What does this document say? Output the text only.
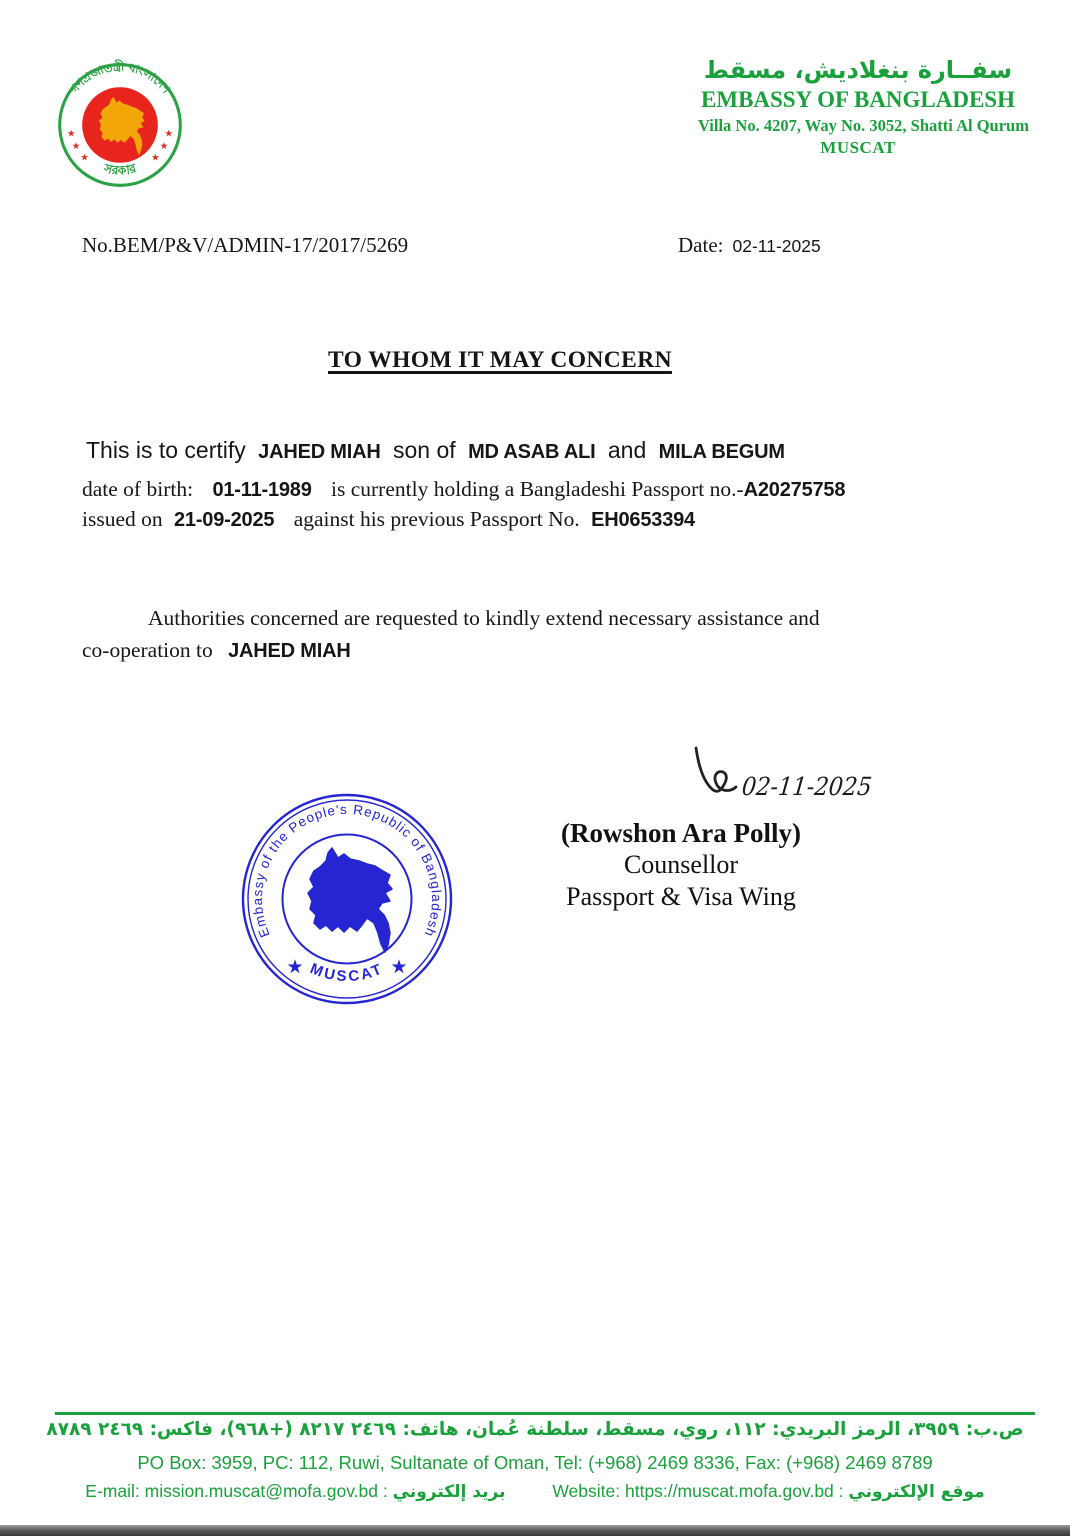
গণপ্রজাতন্ত্রী বাংলাদেশ
সরকার
★
★
★
★
★
★
سفــارة بنغلاديش، مسقط
EMBASSY OF BANGLADESH
Villa No. 4207, Way No. 3052, Shatti Al Qurum
MUSCAT
No.BEM/P&V/ADMIN-17/2017/5269	Date: 02-11-2025
TO WHOM IT MAY CONCERN
This is to certify JAHED MIAH son of MD ASAB ALI and MILA BEGUM
date of birth: 01-11-1989 is currently holding a Bangladeshi Passport no.-A20275758
issued on 21-09-2025 against his previous Passport No. EH0653394
Authorities concerned are requested to kindly extend necessary assistance and
co-operation to JAHED MIAH
02-11-2025
(Rowshon Ara Polly)
Counsellor
Passport & Visa Wing
Embassy of the People's Republic of Bangladesh
MUSCAT
★	★
ص.ب: ٣٩٥٩، الرمز البريدي: ١١٢، روي، مسقط، سلطنة عُمان، هاتف: ٢٤٦٩ ٨٢١٧ (+٩٦٨)، فاكس: ٢٤٦٩ ٨٧٨٩
PO Box: 3959, PC: 112, Ruwi, Sultanate of Oman, Tel: (+968) 2469 8336, Fax: (+968) 2469 8789
E-mail: mission.muscat@mofa.gov.bd : بريد إلكتروني	Website: https://muscat.mofa.gov.bd : موقع الإلكتروني
